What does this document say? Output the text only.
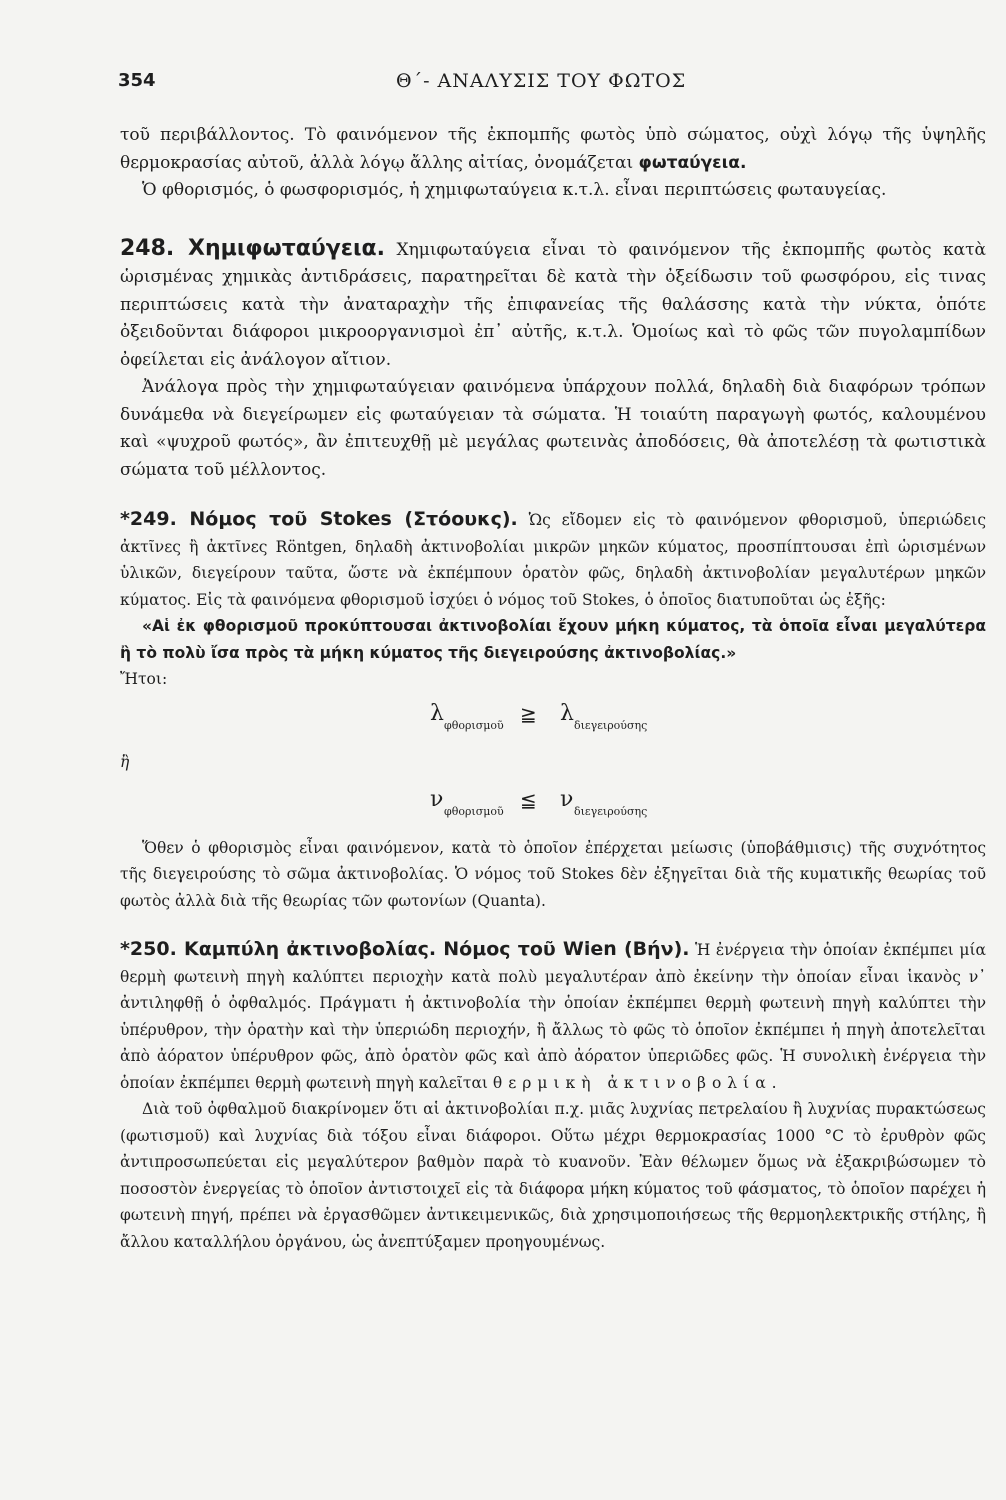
354	Θ΄- ΑΝΑΛΥΣΙΣ ΤΟΥ ΦΩΤΟΣ

τοῦ περιβάλλοντος. Τὸ φαινόμενον τῆς ἐκπομπῆς φωτὸς ὑπὸ σώματος, οὐχὶ λόγῳ τῆς ὑψηλῆς θερμοκρασίας αὐτοῦ, ἀλλὰ λόγῳ ἄλλης αἰτίας, ὀνομάζεται φωταύγεια.

Ὁ φθορισμός, ὁ φωσφορισμός, ἡ χημιφωταύγεια κ.τ.λ. εἶναι περιπτώσεις φωταυγείας.

248. Χημιφωταύγεια. Χημιφωταύγεια εἶναι τὸ φαινόμενον τῆς ἐκπομπῆς φωτὸς κατὰ ὡρισμένας χημικὰς ἀντιδράσεις, παρατηρεῖται δὲ κατὰ τὴν ὀξείδωσιν τοῦ φωσφόρου, εἰς τινας περιπτώσεις κατὰ τὴν ἀναταραχὴν τῆς ἐπιφανείας τῆς θαλάσσης κατὰ τὴν νύκτα, ὁπότε ὀξειδοῦνται διάφοροι μικροοργανισμοὶ ἐπ᾿ αὐτῆς, κ.τ.λ. Ὁμοίως καὶ τὸ φῶς τῶν πυγολαμπίδων ὀφείλεται εἰς ἀνάλογον αἴτιον.

Ἀνάλογα πρὸς τὴν χημιφωταύγειαν φαινόμενα ὑπάρχουν πολλά, δηλαδὴ διὰ διαφόρων τρόπων δυνάμεθα νὰ διεγείρωμεν εἰς φωταύγειαν τὰ σώματα. Ἡ τοιαύτη παραγωγὴ φωτός, καλουμένου καὶ «ψυχροῦ φωτός», ἂν ἐπιτευχθῇ μὲ μεγάλας φωτεινὰς ἀποδόσεις, θὰ ἀποτελέσῃ τὰ φωτιστικὰ σώματα τοῦ μέλλοντος.

*249. Νόμος τοῦ Stokes (Στόουκς). Ὡς εἴδομεν εἰς τὸ φαινόμενον φθορισμοῦ, ὑπεριώδεις ἀκτῖνες ἢ ἀκτῖνες Röntgen, δηλαδὴ ἀκτινοβολίαι μικρῶν μηκῶν κύματος, προσπίπτουσαι ἐπὶ ὡρισμένων ὑλικῶν, διεγείρουν ταῦτα, ὥστε νὰ ἐκπέμπουν ὁρατὸν φῶς, δηλαδὴ ἀκτινοβολίαν μεγαλυτέρων μηκῶν κύματος. Εἰς τὰ φαινόμενα φθορισμοῦ ἰσχύει ὁ νόμος τοῦ Stokes, ὁ ὁποῖος διατυποῦται ὡς ἑξῆς:

«Αἱ ἐκ φθορισμοῦ προκύπτουσαι ἀκτινοβολίαι ἔχουν μήκη κύματος, τὰ ὁποῖα εἶναι μεγαλύτερα ἢ τὸ πολὺ ἴσα πρὸς τὰ μήκη κύματος τῆς διεγειρούσης ἀκτινοβολίας.»

Ἤτοι:

λ φθορισμοῦ ≧ λ διεγειρούσης

ἢ

ν φθορισμοῦ ≦ ν διεγειρούσης

Ὅθεν ὁ φθορισμὸς εἶναι φαινόμενον, κατὰ τὸ ὁποῖον ἐπέρχεται μείωσις (ὑποβάθμισις) τῆς συχνότητος τῆς διεγειρούσης τὸ σῶμα ἀκτινοβολίας. Ὁ νόμος τοῦ Stokes δὲν ἐξηγεῖται διὰ τῆς κυματικῆς θεωρίας τοῦ φωτὸς ἀλλὰ διὰ τῆς θεωρίας τῶν φωτονίων (Quanta).

*250. Καμπύλη ἀκτινοβολίας. Νόμος τοῦ Wien (Βήν). Ἡ ἐνέργεια τὴν ὁποίαν ἐκπέμπει μία θερμὴ φωτεινὴ πηγὴ καλύπτει περιοχὴν κατὰ πολὺ μεγαλυτέραν ἀπὸ ἐκείνην τὴν ὁποίαν εἶναι ἱκανὸς ν᾿ ἀντιληφθῇ ὁ ὀφθαλμός. Πράγματι ἡ ἀκτινοβολία τὴν ὁποίαν ἐκπέμπει θερμὴ φωτεινὴ πηγὴ καλύπτει τὴν ὑπέρυθρον, τὴν ὁρατὴν καὶ τὴν ὑπεριώδη περιοχήν, ἢ ἄλλως τὸ φῶς τὸ ὁποῖον ἐκπέμπει ἡ πηγὴ ἀποτελεῖται ἀπὸ ἀόρατον ὑπέρυθρον φῶς, ἀπὸ ὁρατὸν φῶς καὶ ἀπὸ ἀόρατον ὑπεριῶδες φῶς. Ἡ συνολικὴ ἐνέργεια τὴν ὁποίαν ἐκπέμπει θερμὴ φωτεινὴ πηγὴ καλεῖται θερμικὴ ἀκτινοβολία.

Διὰ τοῦ ὀφθαλμοῦ διακρίνομεν ὅτι αἱ ἀκτινοβολίαι π.χ. μιᾶς λυχνίας πετρελαίου ἢ λυχνίας πυρακτώσεως (φωτισμοῦ) καὶ λυχνίας διὰ τόξου εἶναι διάφοροι. Οὕτω μέχρι θερμοκρασίας 1000 °C τὸ ἐρυθρὸν φῶς ἀντιπροσωπεύεται εἰς μεγαλύτερον βαθμὸν παρὰ τὸ κυανοῦν. Ἐὰν θέλωμεν ὅμως νὰ ἐξακριβώσωμεν τὸ ποσοστὸν ἐνεργείας τὸ ὁποῖον ἀντιστοιχεῖ εἰς τὰ διάφορα μήκη κύματος τοῦ φάσματος, τὸ ὁποῖον παρέχει ἡ φωτεινὴ πηγή, πρέπει νὰ ἐργασθῶμεν ἀντικειμενικῶς, διὰ χρησιμοποιήσεως τῆς θερμοηλεκτρικῆς στήλης, ἢ ἄλλου καταλλήλου ὀργάνου, ὡς ἀνεπτύξαμεν προηγουμένως.
